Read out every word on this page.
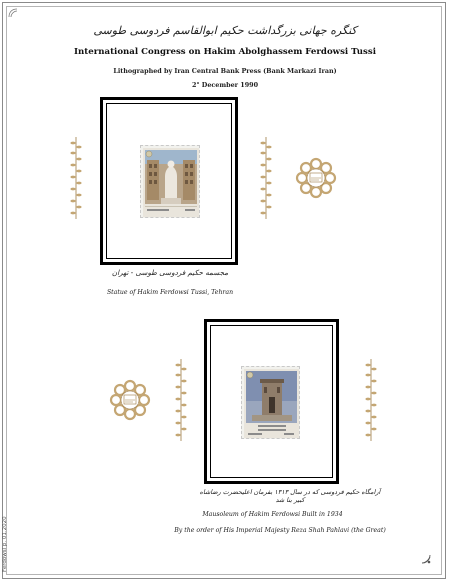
کنگره جهانی بزرگداشت حکیم ابوالقاسم فردوسی طوسی
International Congress on Hakim Abolghassem Ferdowsi Tussi
Lithographed by Iran Central Bank Press (Bank Markazi Iran)
2° December 1990
مجسمه حکیم فردوسی طوسی - تهران
Statue of Hakim Ferdowsi Tussi, Tehran
آرامگاه حکیم فردوسی که در سال ۱۳۱۳ بفرمان اعلیحضرت رضاشاه کبیر بنا شد
Mausoleum of Hakim Ferdowsi Built in 1934
By the order of His Imperial Majesty Reza Shah Pahlavi (the Great)
Ferdowsi p. 01.2020
